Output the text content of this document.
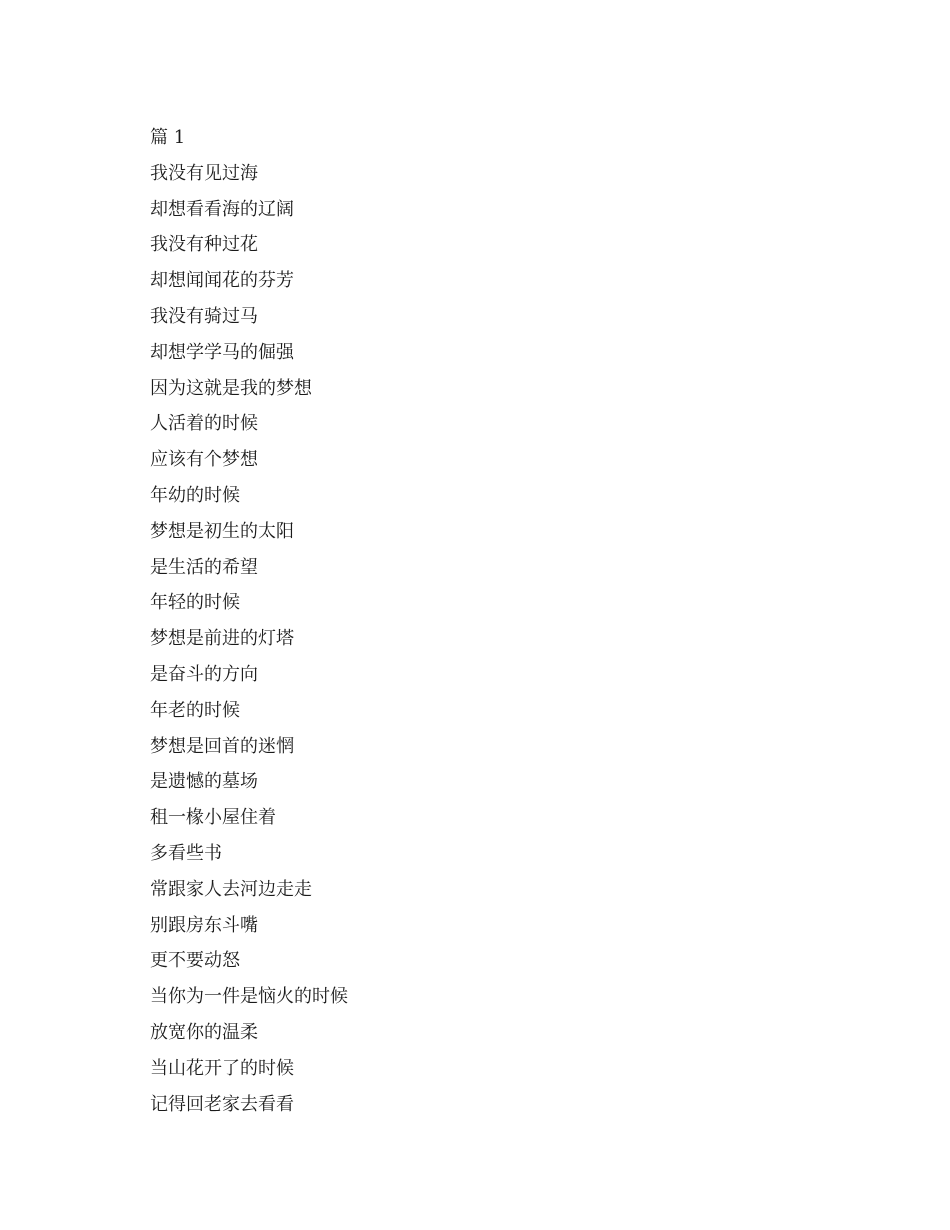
篇 1
我没有见过海
却想看看海的辽阔
我没有种过花
却想闻闻花的芬芳
我没有骑过马
却想学学马的倔强
因为这就是我的梦想
人活着的时候
应该有个梦想
年幼的时候
梦想是初生的太阳
是生活的希望
年轻的时候
梦想是前进的灯塔
是奋斗的方向
年老的时候
梦想是回首的迷惘
是遗憾的墓场
租一椽小屋住着
多看些书
常跟家人去河边走走
别跟房东斗嘴
更不要动怒
当你为一件是恼火的时候
放宽你的温柔
当山花开了的时候
记得回老家去看看
